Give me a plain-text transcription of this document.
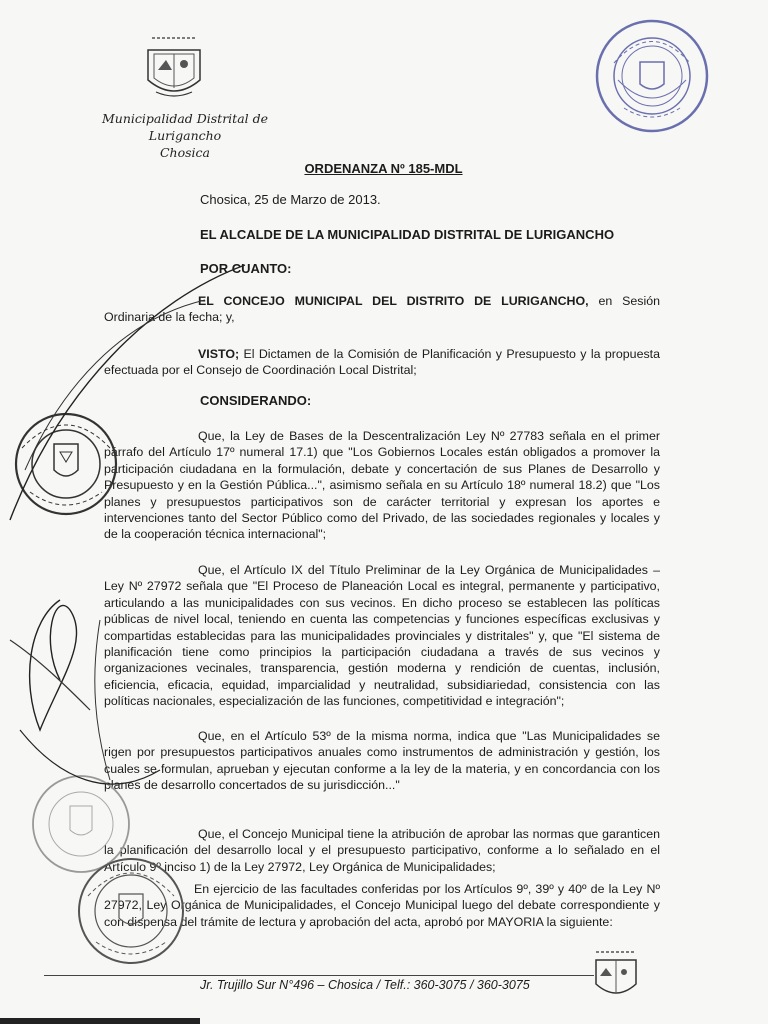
Municipalidad Distrital de Lurigancho
Chosica
ORDENANZA Nº 185-MDL
Chosica, 25 de Marzo de 2013.
EL ALCALDE DE LA MUNICIPALIDAD DISTRITAL DE LURIGANCHO
POR CUANTO:
EL CONCEJO MUNICIPAL DEL DISTRITO DE LURIGANCHO, en Sesión Ordinaria de la fecha; y,
VISTO; El Dictamen de la Comisión de Planificación y Presupuesto y la propuesta efectuada por el Consejo de Coordinación Local Distrital;
CONSIDERANDO:
Que, la Ley de Bases de la Descentralización Ley Nº 27783 señala en el primer párrafo del Artículo 17º numeral 17.1) que "Los Gobiernos Locales están obligados a promover la participación ciudadana en la formulación, debate y concertación de sus Planes de Desarrollo y Presupuesto y en la Gestión Pública...", asimismo señala en su Artículo 18º numeral 18.2) que "Los planes y presupuestos participativos son de carácter territorial y expresan los aportes e intervenciones tanto del Sector Público como del Privado, de las sociedades regionales y locales y de la cooperación técnica internacional";
Que, el Artículo IX del Título Preliminar de la Ley Orgánica de Municipalidades – Ley Nº 27972 señala que "El Proceso de Planeación Local es integral, permanente y participativo, articulando a las municipalidades con sus vecinos. En dicho proceso se establecen las políticas públicas de nivel local, teniendo en cuenta las competencias y funciones específicas exclusivas y compartidas establecidas para las municipalidades provinciales y distritales" y, que "El sistema de planificación tiene como principios la participación ciudadana a través de sus vecinos y organizaciones vecinales, transparencia, gestión moderna y rendición de cuentas, inclusión, eficiencia, eficacia, equidad, imparcialidad y neutralidad, subsidiariedad, consistencia con las políticas nacionales, especialización de las funciones, competitividad e integración";
Que, en el Artículo 53º de la misma norma, indica que "Las Municipalidades se rigen por presupuestos participativos anuales como instrumentos de administración y gestión, los cuales se formulan, aprueban y ejecutan conforme a la ley de la materia, y en concordancia con los planes de desarrollo concertados de su jurisdicción..."
Que, el Concejo Municipal tiene la atribución de aprobar las normas que garanticen la planificación del desarrollo local y el presupuesto participativo, conforme a lo señalado en el Artículo 9º inciso 1) de la Ley 27972, Ley Orgánica de Municipalidades;
En ejercicio de las facultades conferidas por los Artículos 9º, 39º y 40º de la Ley Nº 27972, Ley Orgánica de Municipalidades, el Concejo Municipal luego del debate correspondiente y con dispensa del trámite de lectura y aprobación del acta, aprobó por MAYORIA la siguiente:
Jr. Trujillo Sur N°496 – Chosica / Telf.: 360-3075 / 360-3075
